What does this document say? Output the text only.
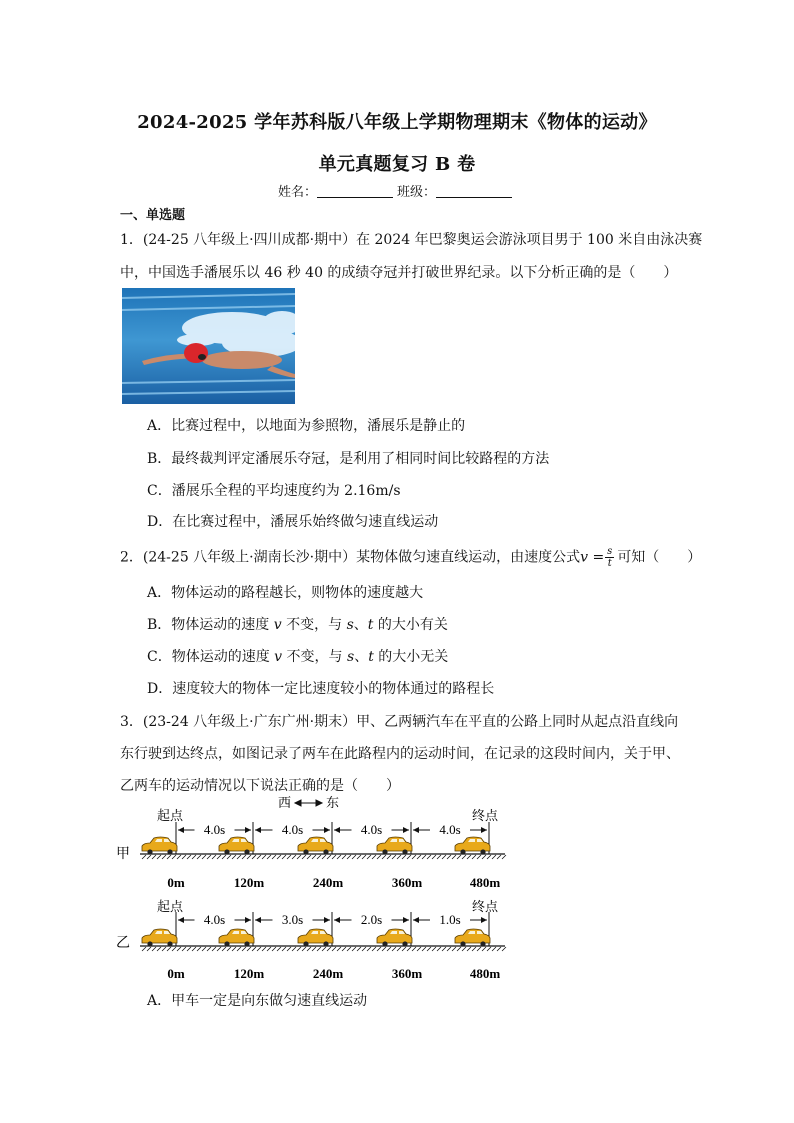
2024-2025 学年苏科版八年级上学期物理期末《物体的运动》
单元真题复习 B 卷
姓名：	班级：
一、单选题
1．(24-25 八年级上·四川成都·期中）在 2024 年巴黎奥运会游泳项目男于 100 米自由泳决赛
中，中国选手潘展乐以 46 秒 40 的成绩夺冠并打破世界纪录。以下分析正确的是（　　）
A．比赛过程中，以地面为参照物，潘展乐是静止的
B．最终裁判评定潘展乐夺冠，是利用了相同时间比较路程的方法
C．潘展乐全程的平均速度约为 2.16m/s
D．在比赛过程中，潘展乐始终做匀速直线运动
2．(24-25 八年级上·湖南长沙·期中）某物体做匀速直线运动，由速度公式$v = \frac{s}{t}$ 可知（　　）
A．物体运动的路程越长，则物体的速度越大
B．物体运动的速度 v 不变，与 s、t 的大小有关
C．物体运动的速度 v 不变，与 s、t 的大小无关
D．速度较大的物体一定比速度较小的物体通过的路程长
3．(23-24 八年级上·广东广州·期末）甲、乙两辆汽车在平直的公路上同时从起点沿直线向
东行驶到达终点，如图记录了两车在此路程内的运动时间，在记录的这段时间内，关于甲、
乙两车的运动情况以下说法正确的是（　　）
西	东
起点	终点
甲
4.0s	4.0s	4.0s	4.0s
0m	120m	240m	360m	480m
起点	终点
乙
4.0s	3.0s	2.0s	1.0s
0m	120m	240m	360m	480m
A．甲车一定是向东做匀速直线运动
